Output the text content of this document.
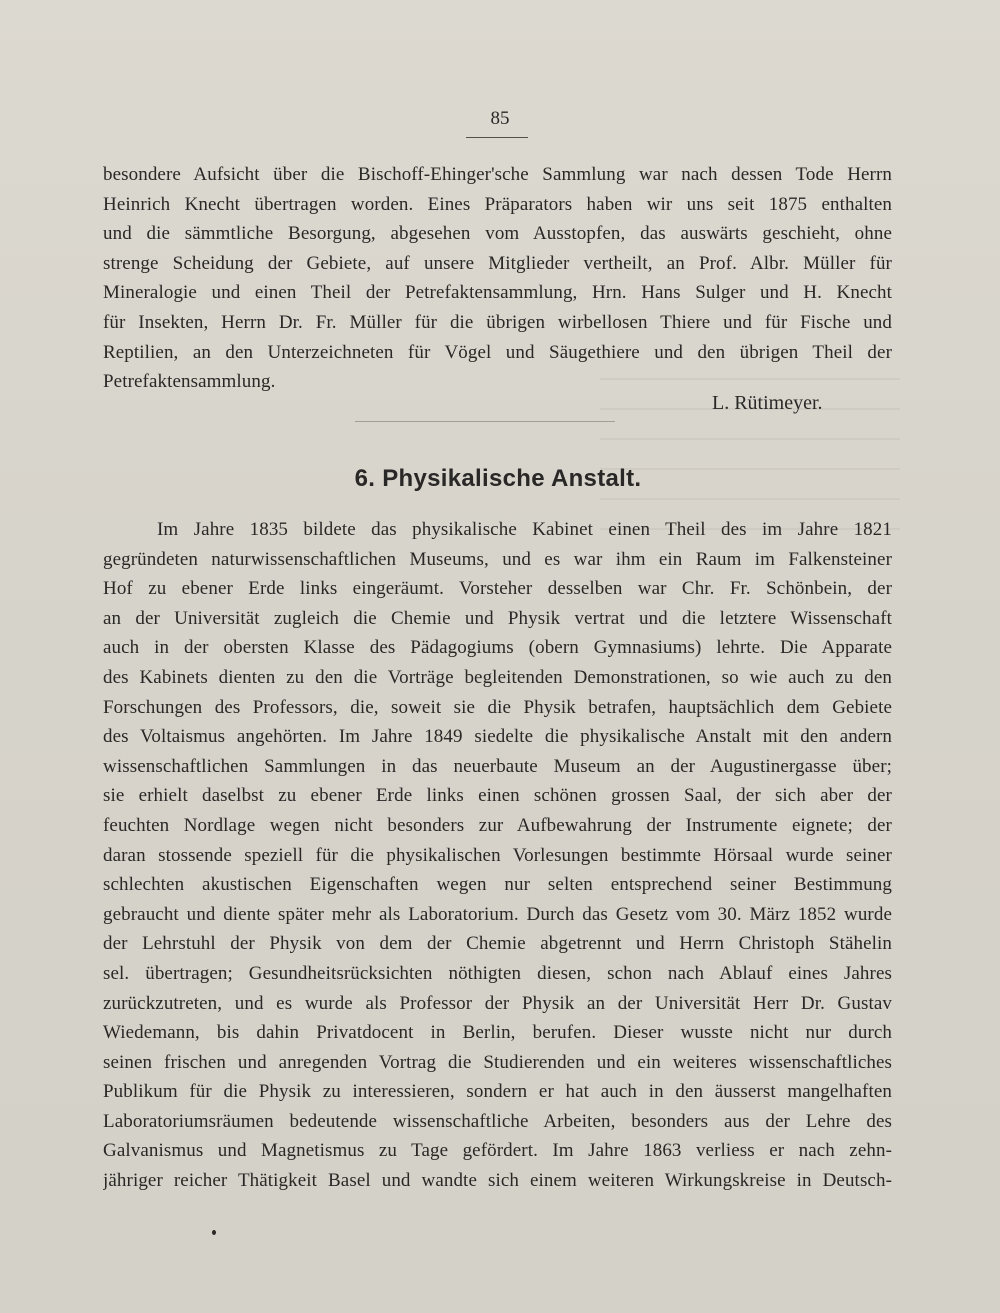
85
besondere Aufsicht über die Bischoff-Ehinger'sche Sammlung war nach dessen Tode Herrn
Heinrich Knecht übertragen worden. Eines Präparators haben wir uns seit 1875 enthalten
und die sämmtliche Besorgung, abgesehen vom Ausstopfen, das auswärts geschieht, ohne
strenge Scheidung der Gebiete, auf unsere Mitglieder vertheilt, an Prof. Albr. Müller für
Mineralogie und einen Theil der Petrefaktensammlung, Hrn. Hans Sulger und H. Knecht
für Insekten, Herrn Dr. Fr. Müller für die übrigen wirbellosen Thiere und für Fische und
Reptilien, an den Unterzeichneten für Vögel und Säugethiere und den übrigen Theil der
Petrefaktensammlung.
L. Rütimeyer.
6. Physikalische Anstalt.
Im Jahre 1835 bildete das physikalische Kabinet einen Theil des im Jahre 1821
gegründeten naturwissenschaftlichen Museums, und es war ihm ein Raum im Falkensteiner
Hof zu ebener Erde links eingeräumt. Vorsteher desselben war Chr. Fr. Schönbein, der
an der Universität zugleich die Chemie und Physik vertrat und die letztere Wissenschaft
auch in der obersten Klasse des Pädagogiums (obern Gymnasiums) lehrte. Die Apparate
des Kabinets dienten zu den die Vorträge begleitenden Demonstrationen, so wie auch zu den
Forschungen des Professors, die, soweit sie die Physik betrafen, hauptsächlich dem Gebiete
des Voltaismus angehörten. Im Jahre 1849 siedelte die physikalische Anstalt mit den andern
wissenschaftlichen Sammlungen in das neuerbaute Museum an der Augustinergasse über;
sie erhielt daselbst zu ebener Erde links einen schönen grossen Saal, der sich aber der
feuchten Nordlage wegen nicht besonders zur Aufbewahrung der Instrumente eignete; der
daran stossende speziell für die physikalischen Vorlesungen bestimmte Hörsaal wurde seiner
schlechten akustischen Eigenschaften wegen nur selten entsprechend seiner Bestimmung
gebraucht und diente später mehr als Laboratorium. Durch das Gesetz vom 30. März 1852 wurde
der Lehrstuhl der Physik von dem der Chemie abgetrennt und Herrn Christoph Stähelin
sel. übertragen; Gesundheitsrücksichten nöthigten diesen, schon nach Ablauf eines Jahres
zurückzutreten, und es wurde als Professor der Physik an der Universität Herr Dr. Gustav
Wiedemann, bis dahin Privatdocent in Berlin, berufen. Dieser wusste nicht nur durch
seinen frischen und anregenden Vortrag die Studierenden und ein weiteres wissenschaftliches
Publikum für die Physik zu interessieren, sondern er hat auch in den äusserst mangelhaften
Laboratoriumsräumen bedeutende wissenschaftliche Arbeiten, besonders aus der Lehre des
Galvanismus und Magnetismus zu Tage gefördert. Im Jahre 1863 verliess er nach zehn-
jähriger reicher Thätigkeit Basel und wandte sich einem weiteren Wirkungskreise in Deutsch-
